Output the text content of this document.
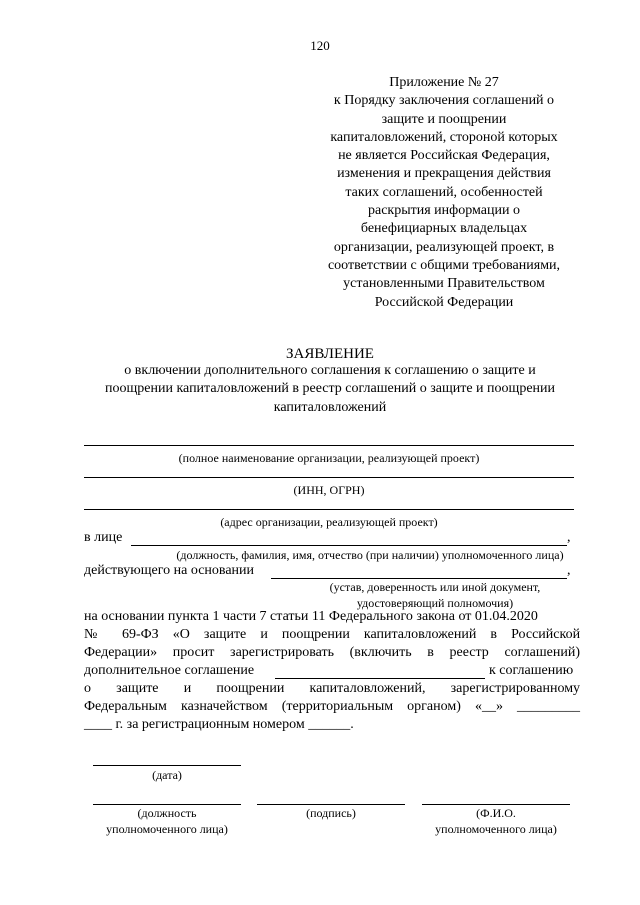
120
Приложение № 27
к Порядку заключения соглашений о
защите и поощрении
капиталовложений, стороной которых
не является Российская Федерация,
изменения и прекращения действия
таких соглашений, особенностей
раскрытия информации о
бенефициарных владельцах
организации, реализующей проект, в
соответствии с общими требованиями,
установленными Правительством
Российской Федерации
ЗАЯВЛЕНИЕ
о включении дополнительного соглашения к соглашению о защите и
поощрении капиталовложений в реестр соглашений о защите и поощрении
капиталовложений
(полное наименование организации, реализующей проект)
(ИНН, ОГРН)
(адрес организации, реализующей проект)
в лице	,
(должность, фамилия, имя, отчество (при наличии) уполномоченного лица)
действующего на основании	,
(устав, доверенность или иной документ,
удостоверяющий полномочия)
на основании пункта 1 части 7 статьи 11 Федерального закона от 01.04.2020
№ 69-ФЗ «О защите и поощрении капиталовложений в Российской
Федерации» просит зарегистрировать (включить в реестр соглашений)
дополнительное соглашение	к соглашению
о защите и поощрении капиталовложений, зарегистрированному
Федеральным казначейством (территориальным органом) «__» _________
____ г. за регистрационным номером ______.
(дата)
(должность
уполномоченного лица)
(подпись)	(Ф.И.О.
уполномоченного лица)
